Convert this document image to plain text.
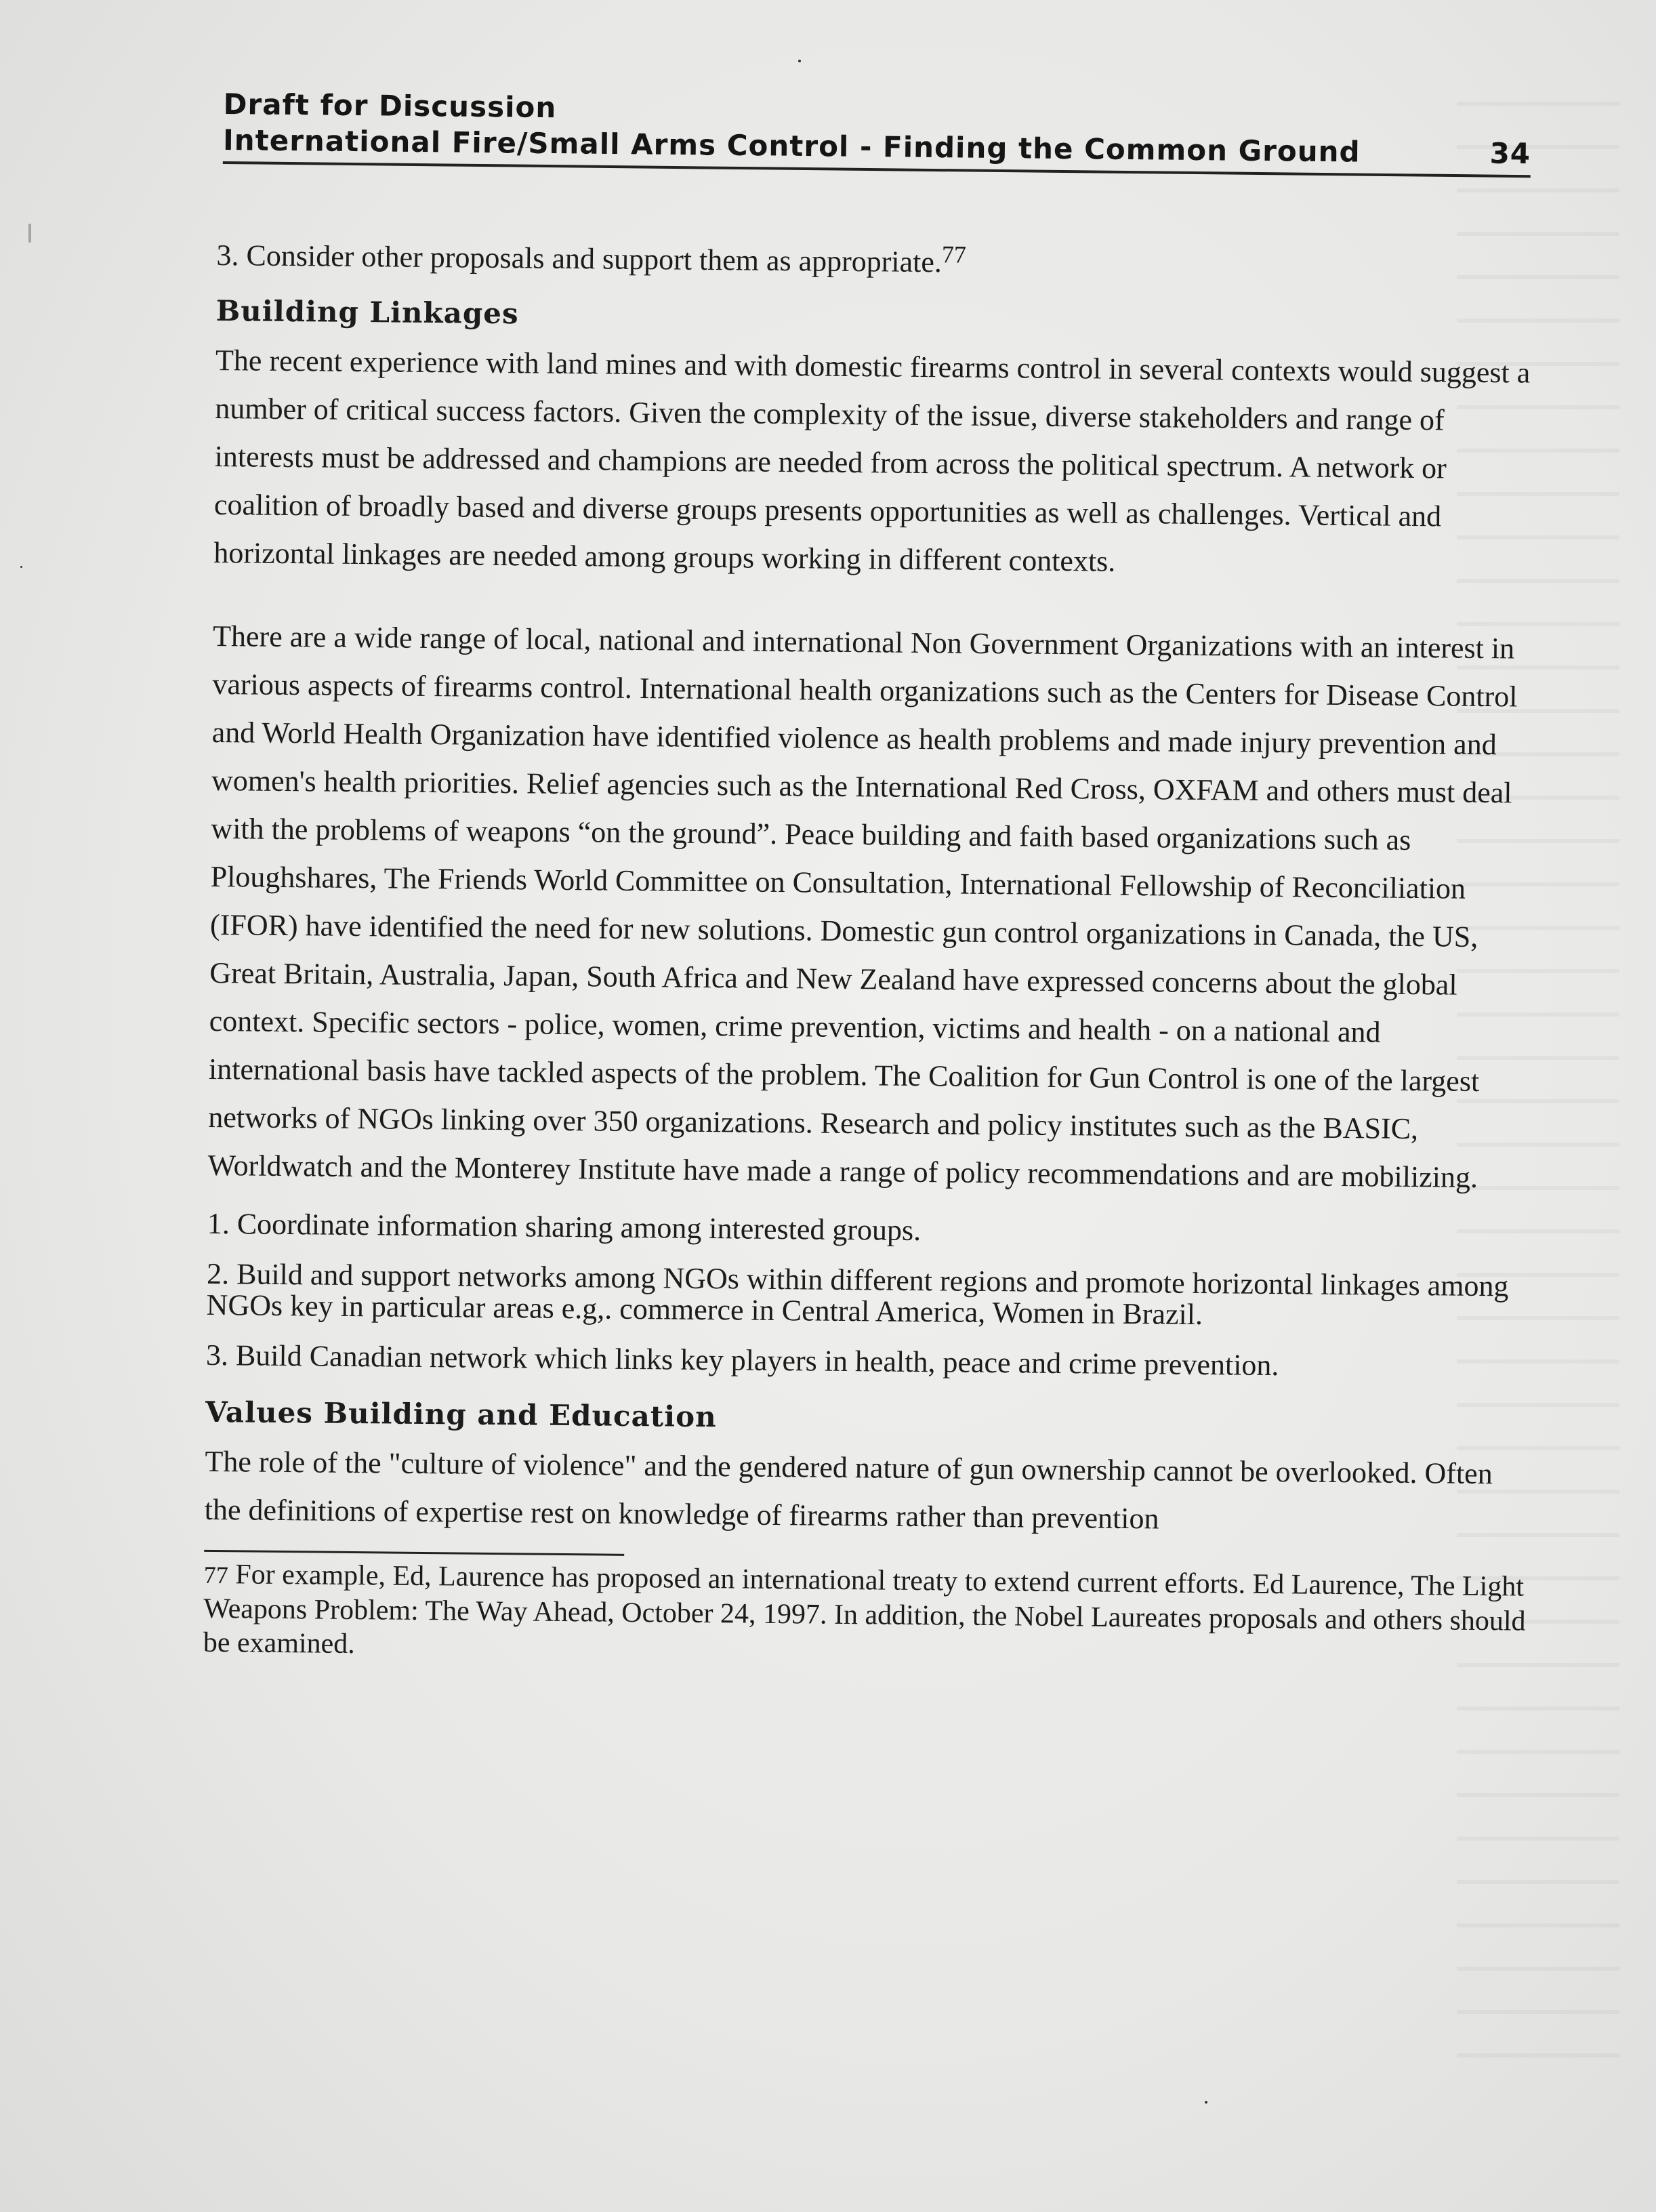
Draft for Discussion
International Fire/Small Arms Control - Finding the Common Ground	34

3. Consider other proposals and support them as appropriate.$^{77}$

Building Linkages

The recent experience with land mines and with domestic firearms control in several contexts would suggest a number of critical success factors. Given the complexity of the issue, diverse stakeholders and range of interests must be addressed and champions are needed from across the political spectrum. A network or coalition of broadly based and diverse groups presents opportunities as well as challenges. Vertical and horizontal linkages are needed among groups working in different contexts.

There are a wide range of local, national and international Non Government Organizations with an interest in various aspects of firearms control. International health organizations such as the Centers for Disease Control and World Health Organization have identified violence as health problems and made injury prevention and women's health priorities. Relief agencies such as the International Red Cross, OXFAM and others must deal with the problems of weapons “on the ground”. Peace building and faith based organizations such as Ploughshares, The Friends World Committee on Consultation, International Fellowship of Reconciliation (IFOR) have identified the need for new solutions. Domestic gun control organizations in Canada, the US, Great Britain, Australia, Japan, South Africa and New Zealand have expressed concerns about the global context. Specific sectors - police, women, crime prevention, victims and health - on a national and international basis have tackled aspects of the problem. The Coalition for Gun Control is one of the largest networks of NGOs linking over 350 organizations. Research and policy institutes such as the BASIC, Worldwatch and the Monterey Institute have made a range of policy recommendations and are mobilizing.

1. Coordinate information sharing among interested groups.
2. Build and support networks among NGOs within different regions and promote horizontal linkages among NGOs key in particular areas e.g,. commerce in Central America, Women in Brazil.
3. Build Canadian network which links key players in health, peace and crime prevention.
Values Building and Education

The role of the "culture of violence" and the gendered nature of gun ownership cannot be overlooked. Often the definitions of expertise rest on knowledge of firearms rather than prevention

77 For example, Ed, Laurence has proposed an international treaty to extend current efforts. Ed Laurence, The Light Weapons Problem: The Way Ahead, October 24, 1997. In addition, the Nobel Laureates proposals and others should be examined.
